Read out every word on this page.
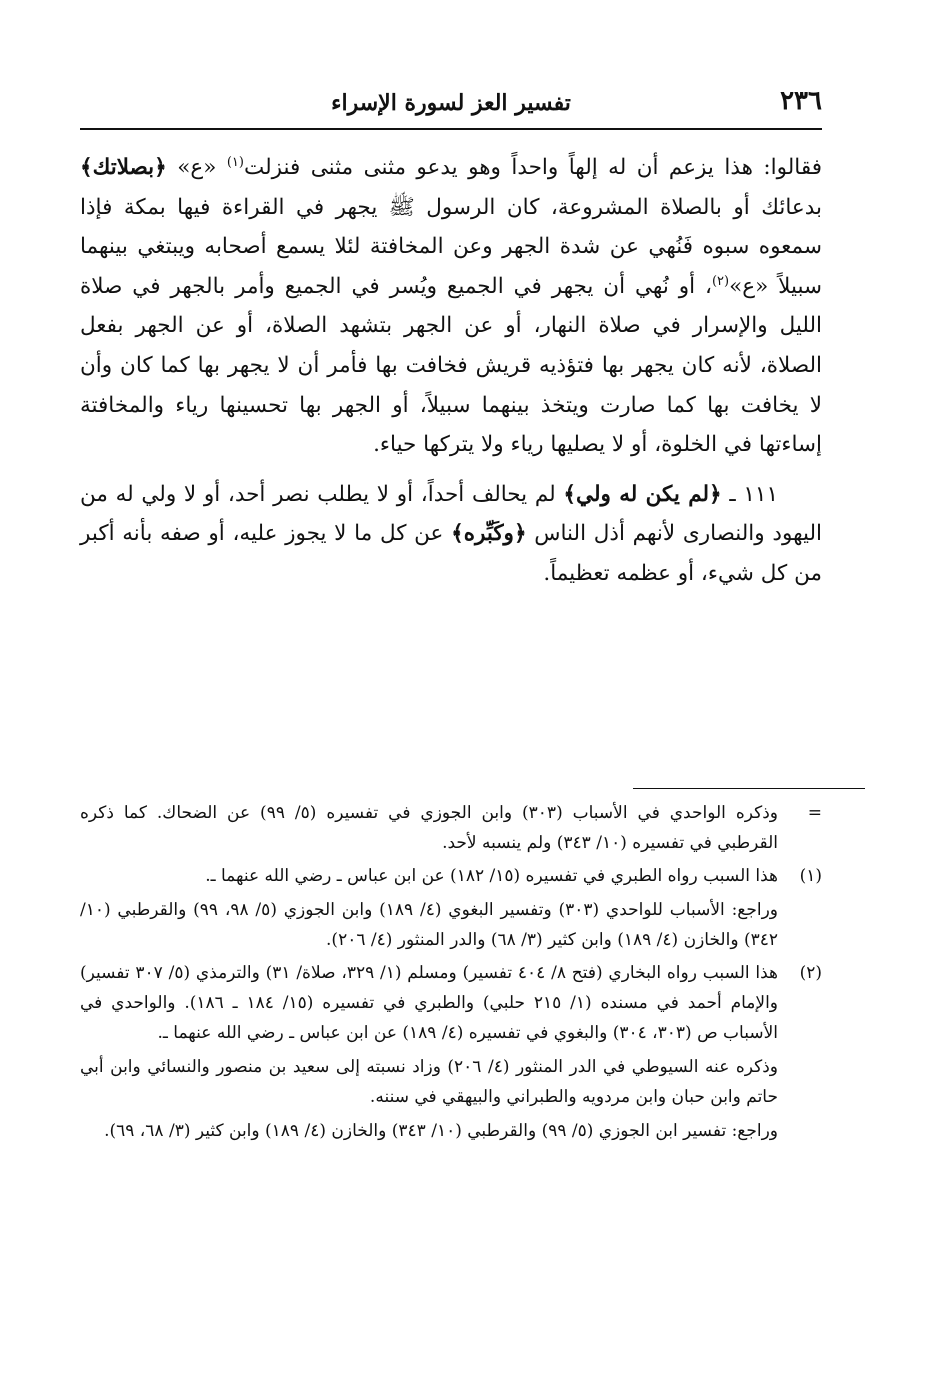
٢٣٦
تفسير العز لسورة الإسراء

فقالوا: هذا يزعم أن له إلهاً واحداً وهو يدعو مثنى مثنى فنزلت$^{(١)}$ «ع» ﴿بصلاتك﴾ بدعائك أو بالصلاة المشروعة، كان الرسول ﷺ يجهر في القراءة فيها بمكة فإذا سمعوه سبوه فَنُهي عن شدة الجهر وعن المخافتة لئلا يسمع أصحابه ويبتغي بينهما سبيلاً «ع»$^{(٢)}$، أو نُهي أن يجهر في الجميع ويُسر في الجميع وأمر بالجهر في صلاة الليل والإسرار في صلاة النهار، أو عن الجهر بتشهد الصلاة، أو عن الجهر بفعل الصلاة، لأنه كان يجهر بها فتؤذيه قريش فخافت بها فأمر أن لا يجهر بها كما كان وأن لا يخافت بها كما صارت ويتخذ بينهما سبيلاً، أو الجهر بها تحسينها رياء والمخافتة إساءتها في الخلوة، أو لا يصليها رياء ولا يتركها حياء.

١١١ ـ ﴿لم يكن له ولي﴾ لم يحالف أحداً، أو لا يطلب نصر أحد، أو لا ولي له من اليهود والنصارى لأنهم أذل الناس ﴿وكَبِّره﴾ عن كل ما لا يجوز عليه، أو صفه بأنه أكبر من كل شيء، أو عظمه تعظيماً.

=

وذكره الواحدي في الأسباب (٣٠٣) وابن الجوزي في تفسيره (٥/ ٩٩) عن الضحاك. كما ذكره القرطبي في تفسيره (١٠/ ٣٤٣) ولم ينسبه لأحد.

(١)

هذا السبب رواه الطبري في تفسيره (١٥/ ١٨٢) عن ابن عباس ـ رضي الله عنهما ـ.

وراجع: الأسباب للواحدي (٣٠٣) وتفسير البغوي (٤/ ١٨٩) وابن الجوزي (٥/ ٩٨، ٩٩) والقرطبي (١٠/ ٣٤٢) والخازن (٤/ ١٨٩) وابن كثير (٣/ ٦٨) والدر المنثور (٤/ ٢٠٦).

(٢)

هذا السبب رواه البخاري (فتح ٨/ ٤٠٤ تفسير) ومسلم (١/ ٣٢٩، صلاة/ ٣١) والترمذي (٥/ ٣٠٧ تفسير) والإمام أحمد في مسنده (١/ ٢١٥ حلبي) والطبري في تفسيره (١٥/ ١٨٤ ـ ١٨٦). والواحدي في الأسباب ص (٣٠٣، ٣٠٤) والبغوي في تفسيره (٤/ ١٨٩) عن ابن عباس ـ رضي الله عنهما ـ.

وذكره عنه السيوطي في الدر المنثور (٤/ ٢٠٦) وزاد نسبته إلى سعيد بن منصور والنسائي وابن أبي حاتم وابن حبان وابن مردويه والطبراني والبيهقي في سننه.

وراجع: تفسير ابن الجوزي (٥/ ٩٩) والقرطبي (١٠/ ٣٤٣) والخازن (٤/ ١٨٩) وابن كثير (٣/ ٦٨، ٦٩).
